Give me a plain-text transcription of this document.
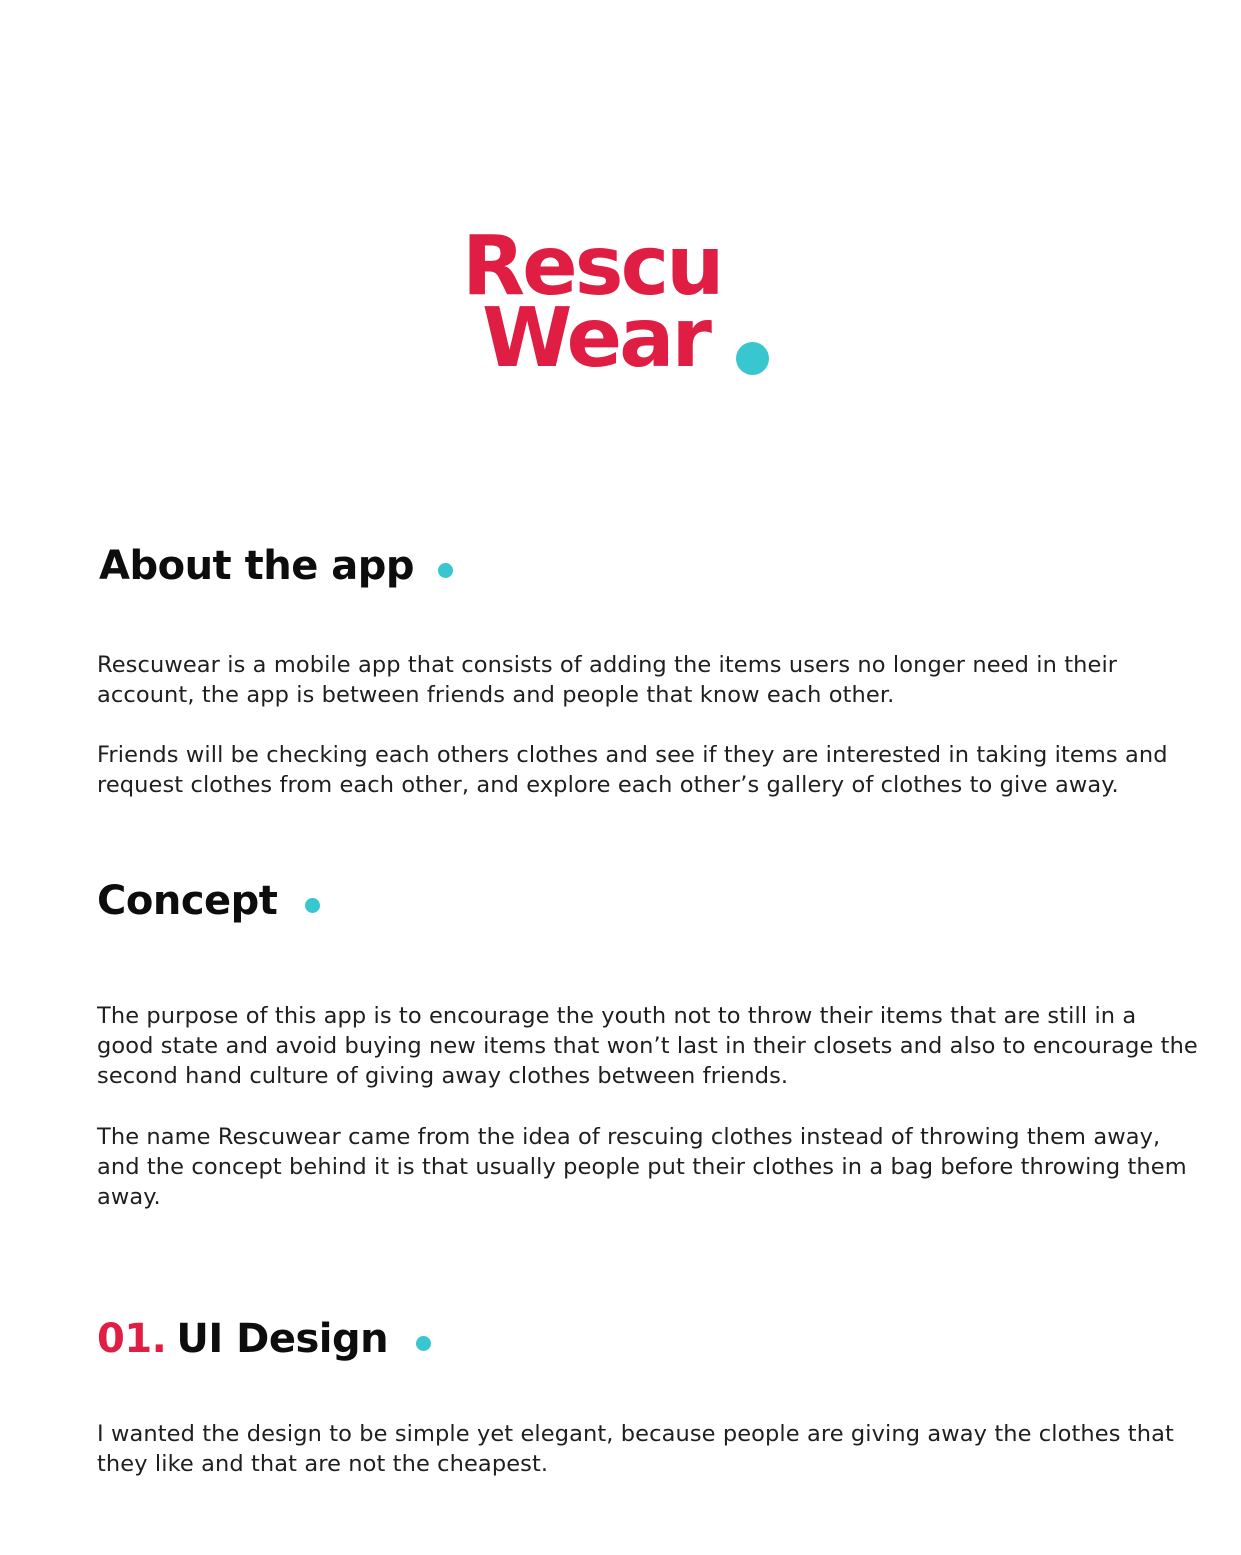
Rescu
Wear
About the app

Rescuwear is a mobile app that consists of adding the items users no longer need in their
account, the app is between friends and people that know each other.

Friends will be checking each others clothes and see if they are interested in taking items and
request clothes from each other, and explore each other’s gallery of clothes to give away.

Concept

The purpose of this app is to encourage the youth not to throw their items that are still in a
good state and avoid buying new items that won’t last in their closets and also to encourage the
second hand culture of giving away clothes between friends.

The name Rescuwear came from the idea of rescuing clothes instead of throwing them away,
and the concept behind it is that usually people put their clothes in a bag before throwing them
away.

01. UI Design

I wanted the design to be simple yet elegant, because people are giving away the clothes that
they like and that are not the cheapest.
